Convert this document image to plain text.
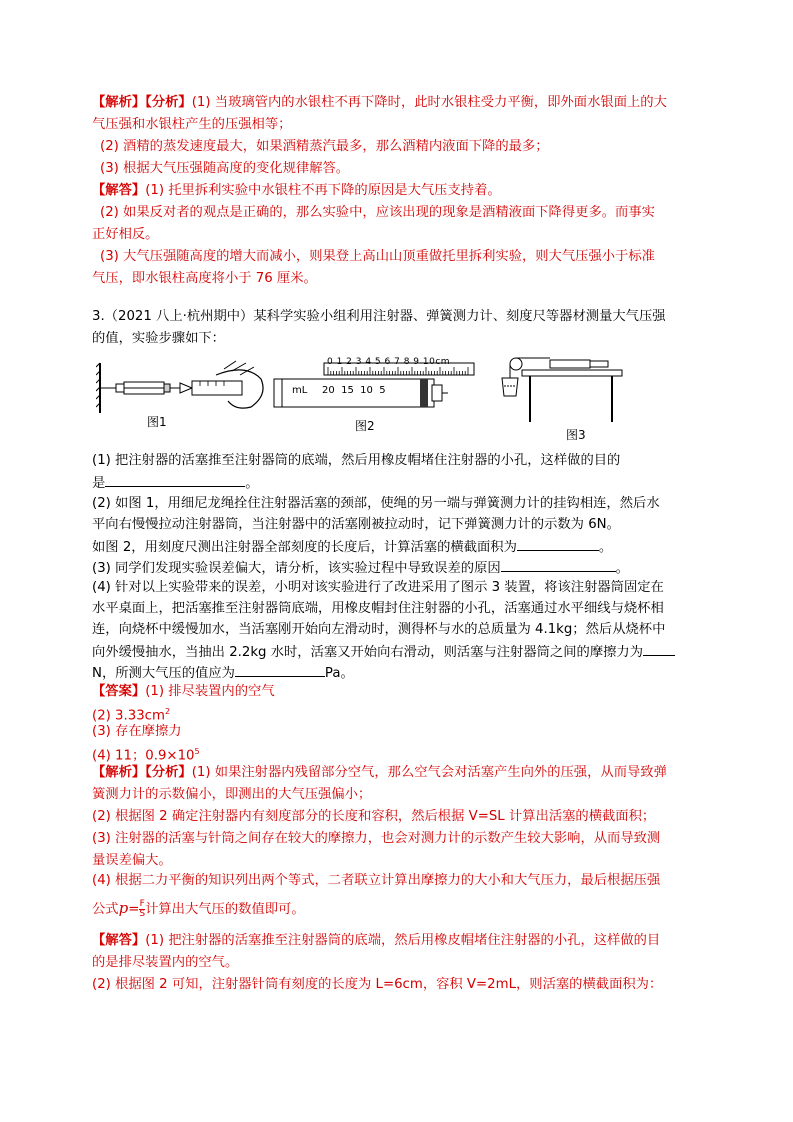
【解析】【分析】(1) 当玻璃管内的水银柱不再下降时，此时水银柱受力平衡，即外面水银面上的大
气压强和水银柱产生的压强相等；
(2) 酒精的蒸发速度最大，如果酒精蒸汽最多，那么酒精内液面下降的最多；
(3) 根据大气压强随高度的变化规律解答。
【解答】(1) 托里拆利实验中水银柱不再下降的原因是大气压支持着。
(2) 如果反对者的观点是正确的，那么实验中，应该出现的现象是酒精液面下降得更多。而事实
正好相反。
(3) 大气压强随高度的增大而减小，则果登上高山山顶重做托里拆利实验，则大气压强小于标准
气压，即水银柱高度将小于 76 厘米。
3.（2021 八上·杭州期中）某科学实验小组利用注射器、弹簧测力计、刻度尺等器材测量大气压强
的值，实验步骤如下：
图1
0 1 2 3 4 5 6 7 8 9 10cm
mL 20  15  10  5
图2
图3
(1) 把注射器的活塞推至注射器筒的底端，然后用橡皮帽堵住注射器的小孔，这样做的目的
是	。
(2) 如图 1，用细尼龙绳拴住注射器活塞的颈部，使绳的另一端与弹簧测力计的挂钩相连，然后水
平向右慢慢拉动注射器筒，当注射器中的活塞刚被拉动时，记下弹簧测力计的示数为 6N。
如图 2，用刻度尺测出注射器全部刻度的长度后，计算活塞的横截面积为	。
(3) 同学们发现实验误差偏大，请分析，该实验过程中导致误差的原因	。
(4) 针对以上实验带来的误差，小明对该实验进行了改进采用了图示 3 装置，将该注射器筒固定在
水平桌面上，把活塞推至注射器筒底端，用橡皮帽封住注射器的小孔，活塞通过水平细线与烧杯相
连，向烧杯中缓慢加水，当活塞刚开始向左滑动时，测得杯与水的总质量为 4.1kg；然后从烧杯中
向外缓慢抽水，当抽出 2.2kg 水时，活塞又开始向右滑动，则活塞与注射器筒之间的摩擦力为
N，所测大气压的值应为	Pa。
【答案】(1) 排尽装置内的空气
(2) $3.33cm^2$
(3) 存在摩擦力
(4) 11；$0.9\times 10^5$
【解析】【分析】(1) 如果注射器内残留部分空气，那么空气会对活塞产生向外的压强，从而导致弹
簧测力计的示数偏小，即测出的大气压强偏小；
(2) 根据图 2 确定注射器内有刻度部分的长度和容积，然后根据 V=SL 计算出活塞的横截面积；
(3) 注射器的活塞与针筒之间存在较大的摩擦力，也会对测力计的示数产生较大影响，从而导致测
量误差偏大。
(4) 根据二力平衡的知识列出两个等式，二者联立计算出摩擦力的大小和大气压力，最后根据压强
公式$p= \frac{F}{S}$ 计算出大气压的数值即可。
【解答】(1) 把注射器的活塞推至注射器筒的底端，然后用橡皮帽堵住注射器的小孔，这样做的目
的是排尽装置内的空气。
(2) 根据图 2 可知，注射器针筒有刻度的长度为 L=6cm，容积 V=2mL，则活塞的横截面积为：
